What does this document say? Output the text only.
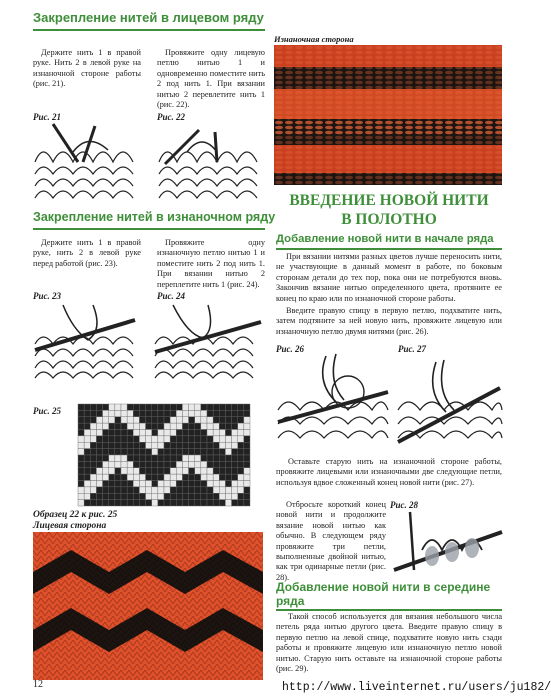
Закрепление нитей в лицевом ряду
Держите нить 1 в правой руке. Нить 2 в левой руке на изнаночной стороне работы (рис. 21).
Провяжите одну лицевую петлю нитью 1 и одновременно поместите нить 2 под нить 1. При вязании нитью 2 перевлетите нить 1 (рис. 22).
Рис. 21	Рис. 22
Закрепление нитей в изнаночном ряду
Держите нить 1 в правой руке, нить 2 в левой руке перед работой (рис. 23).
Провяжите одну изнаночную петлю нитью 1 и поместите нить 2 под нить 1. При вязании нитью 2 переплетите нить 1 (рис. 24).
Рис. 23	Рис. 24
Рис. 25
Образец 22 к рис. 25
Лицевая сторона
12
Изнаночная сторона
ВВЕДЕНИЕ НОВОЙ НИТИ
В ПОЛОТНО
Добавление новой нити в начале ряда
При вязании нитями разных цветов лучше переносить нити, не участвующие в данный момент в работе, по боковым сторонам детали до тех пор, пока они не потребуются вновь. Закончив вязание нитью определенного цвета, протяните ее конец по краю или по изнаночной стороне работы.
Введите правую спицу в первую петлю, подхватите нить, затем подтяните за ней новую нить, провяжите лицевую или изнаночную петлю двумя нитями (рис. 26).
Рис. 26	Рис. 27
Оставьте старую нить на изнаночной стороне работы, провяжите лицевыми или изнаночными две следующие петли, используя вдвое сложенный конец новой нити (рис. 27).
Отбросьте короткий конец новой нити и продолжите вязание новой нитью как обычно. В следующем ряду провяжите три петли, выполненные двойной нитью, как три одинарные петли (рис. 28).
Рис. 28
Добавление новой нити в середине
ряда
Такой способ используется для вязания небольшого числа петель ряда нитью другого цвета. Введите правую спицу в первую петлю на левой спице, подхватите новую нить сзади работы и провяжите лицевую или изнаночную петлю новой нитью. Старую нить оставьте на изнаночной стороне работы (рис. 29).
http://www.liveinternet.ru/users/ju182/
